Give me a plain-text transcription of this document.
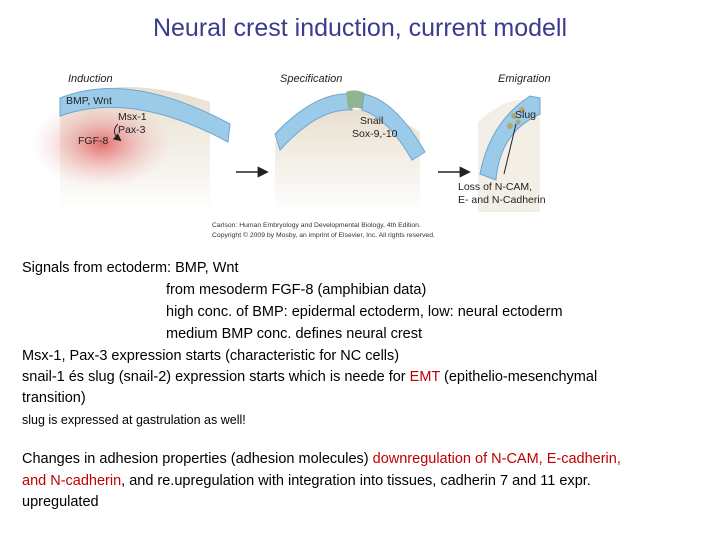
Neural crest induction, current modell
Induction
BMP, Wnt
Msx-1
Pax-3
FGF-8
Specification
Snail
Sox-9,-10
Emigration
Slug
Loss of N-CAM,
E- and N-Cadherin
Carlson: Human Embryology and Developmental Biology, 4th Edition.
Copyright © 2009 by Mosby, an imprint of Elsevier, Inc. All rights reserved.
Signals from ectoderm: BMP, Wnt
from mesoderm FGF-8 (amphibian data)
high conc. of BMP: epidermal ectoderm, low: neural ectoderm
medium BMP conc. defines neural crest
Msx-1, Pax-3 expression starts (characteristic for NC cells)
snail-1 és slug (snail-2) expression starts which is neede for EMT (epithelio-mesenchymal
transition)
slug is expressed at gastrulation as well!
Changes in adhesion properties (adhesion molecules) downregulation of N-CAM, E-cadherin,
and N-cadherin, and re.upregulation with integration into tissues, cadherin 7 and 11 expr.
upregulated
